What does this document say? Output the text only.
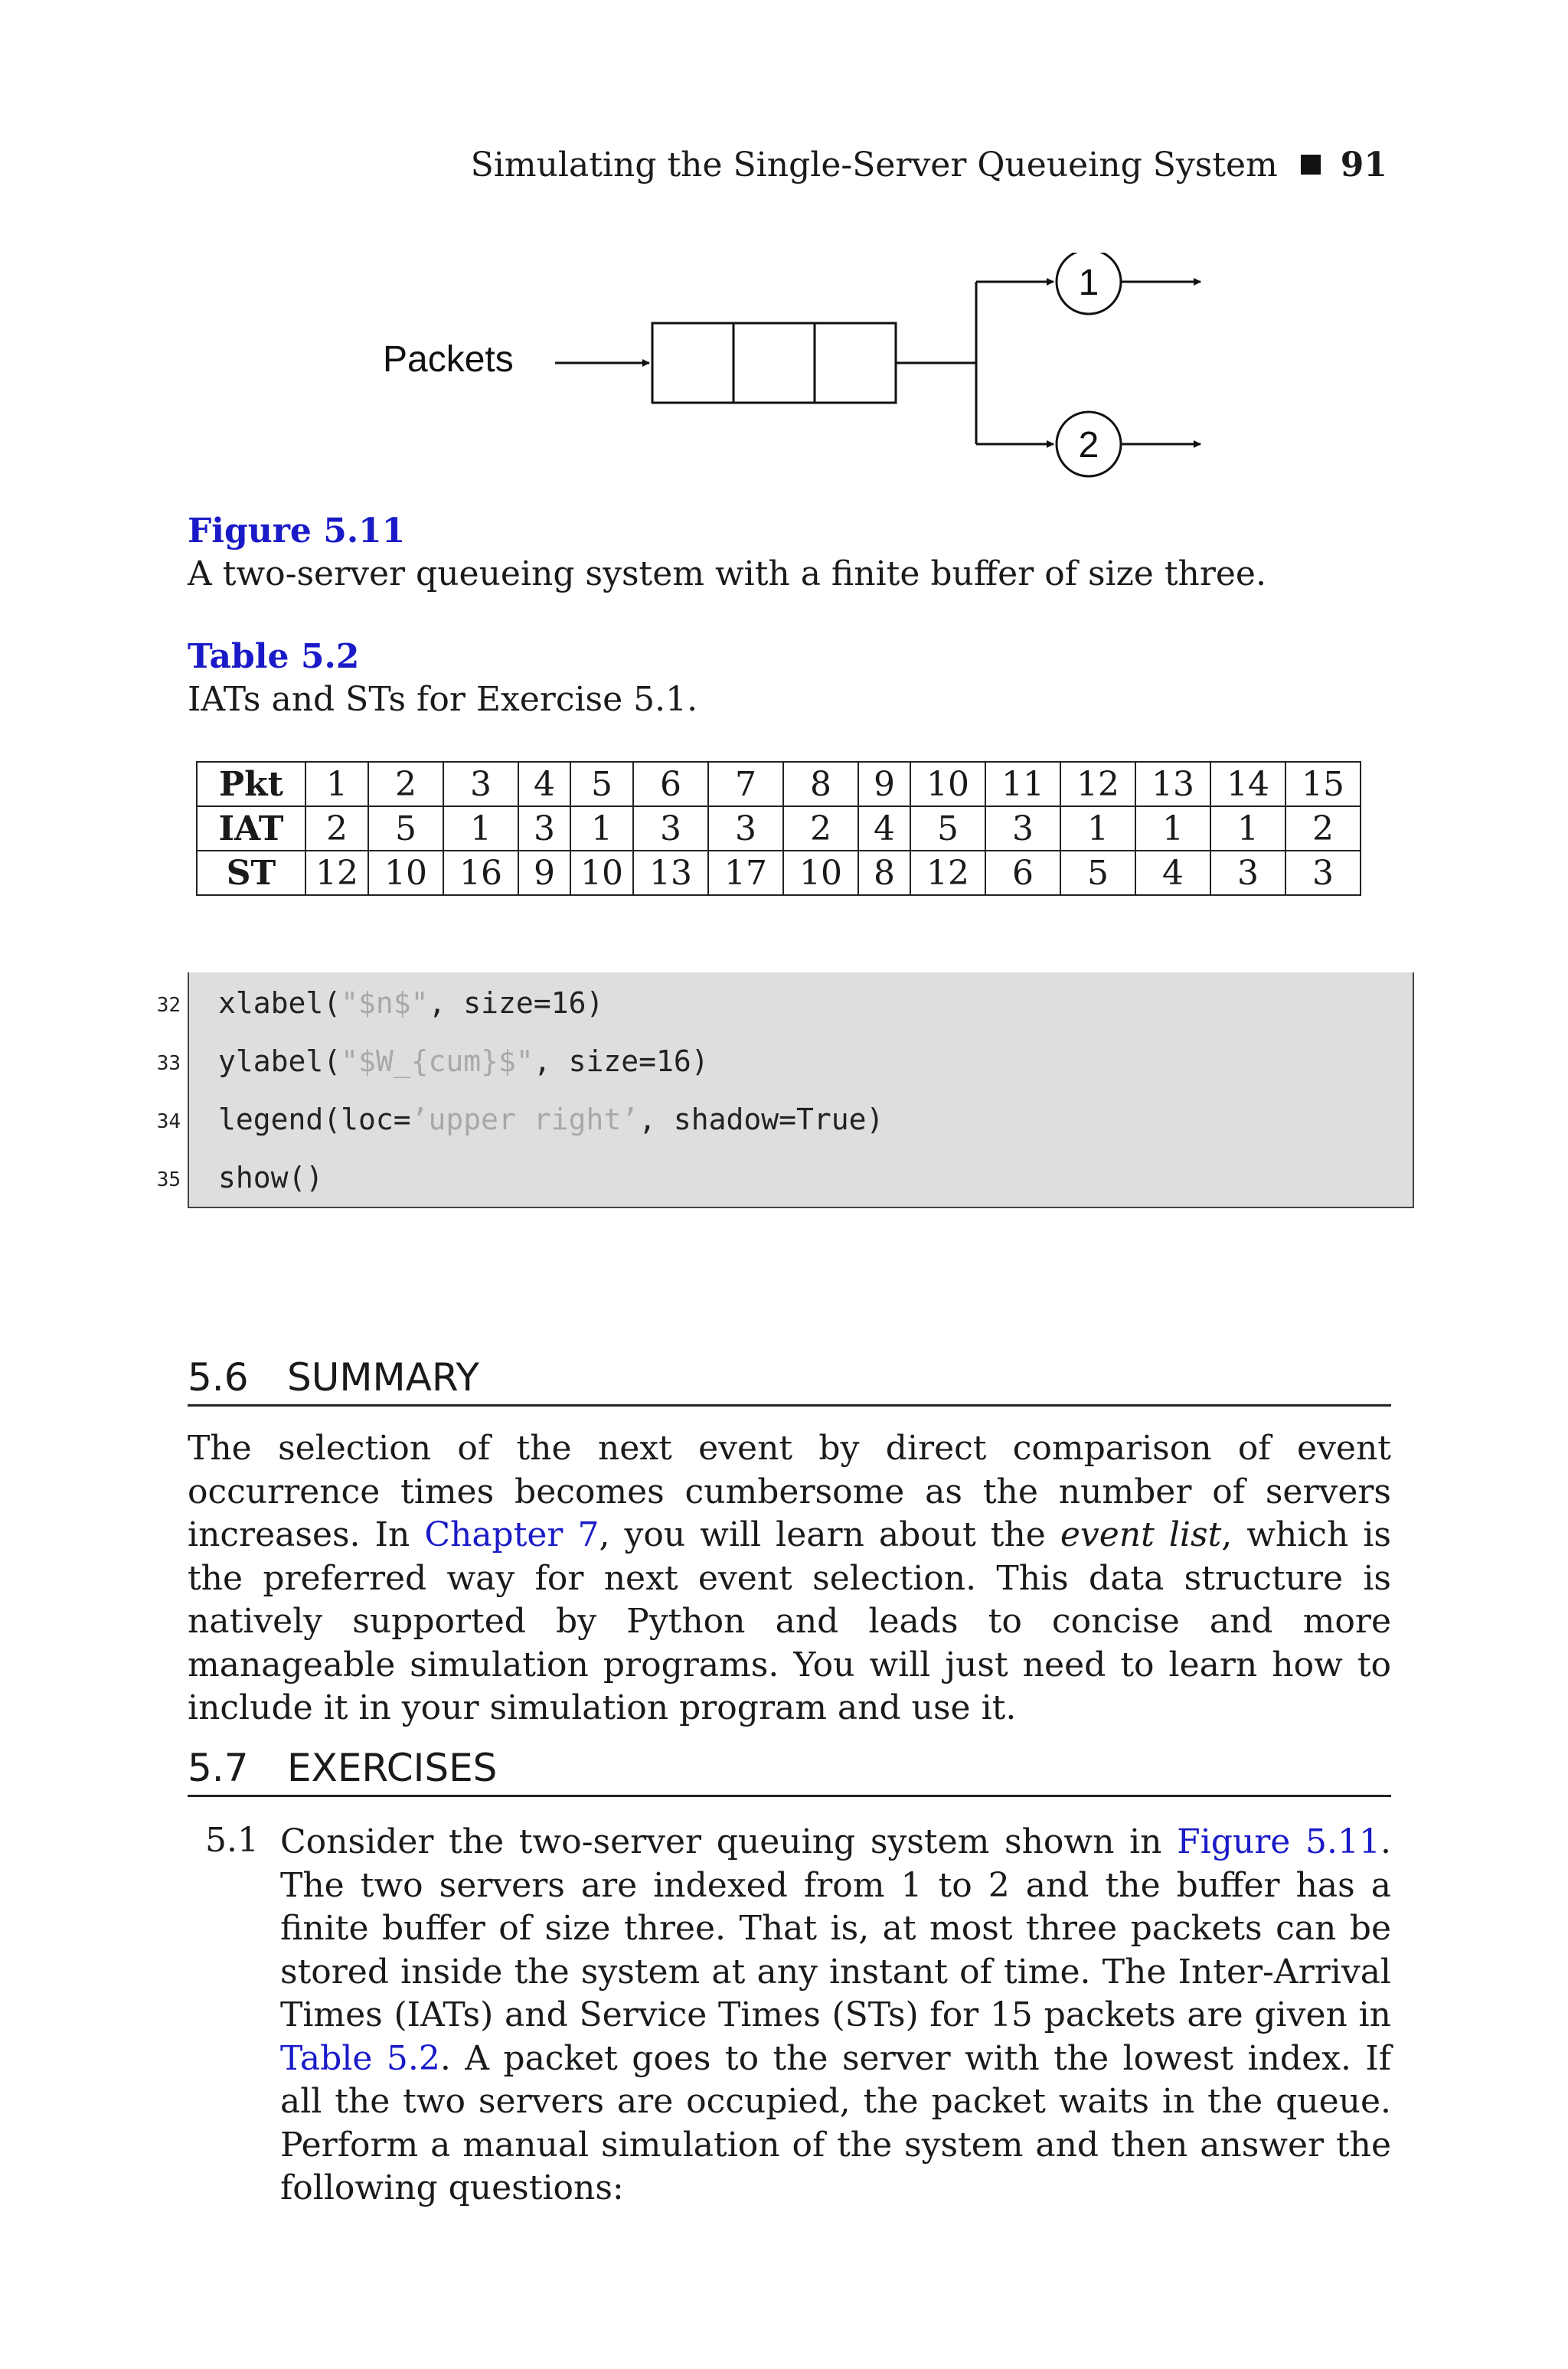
Simulating the Single-Server Queueing System 91
Packets
1
2
Figure 5.11
A two-server queueing system with a finite buffer of size three.
Table 5.2
IATs and STs for Exercise 5.1.
Pkt	1	2	3	4	5	6	7	8	9	10	11	12	13	14	15
IAT	2	5	1	3	1	3	3	2	4	5	3	1	1	1	2
ST	12	10	16	9	10	13	17	10	8	12	6	5	4	3	3
xlabel("$n$", size=16)
ylabel("$W_{cum}$", size=16)
legend(loc=’upper right’, shadow=True)
show()
32
33
34
35
5.6 SUMMARY
The selection of the next event by direct comparison of event occurrence times becomes cumbersome as the number of servers increases. In Chapter 7, you will learn about the event list, which is the preferred way for next event selection. This data structure is natively supported by Python and leads to concise and more manageable simulation programs. You will just need to learn how to include it in your simulation program and use it.
5.7 EXERCISES
5.1 Consider the two-server queuing system shown in Figure 5.11. The two servers are indexed from 1 to 2 and the buffer has a finite buffer of size three. That is, at most three packets can be stored inside the system at any instant of time. The Inter-Arrival Times (IATs) and Service Times (STs) for 15 packets are given in Table 5.2. A packet goes to the server with the lowest index. If all the two servers are occupied, the packet waits in the queue. Perform a manual simulation of the system and then answer the following questions:
